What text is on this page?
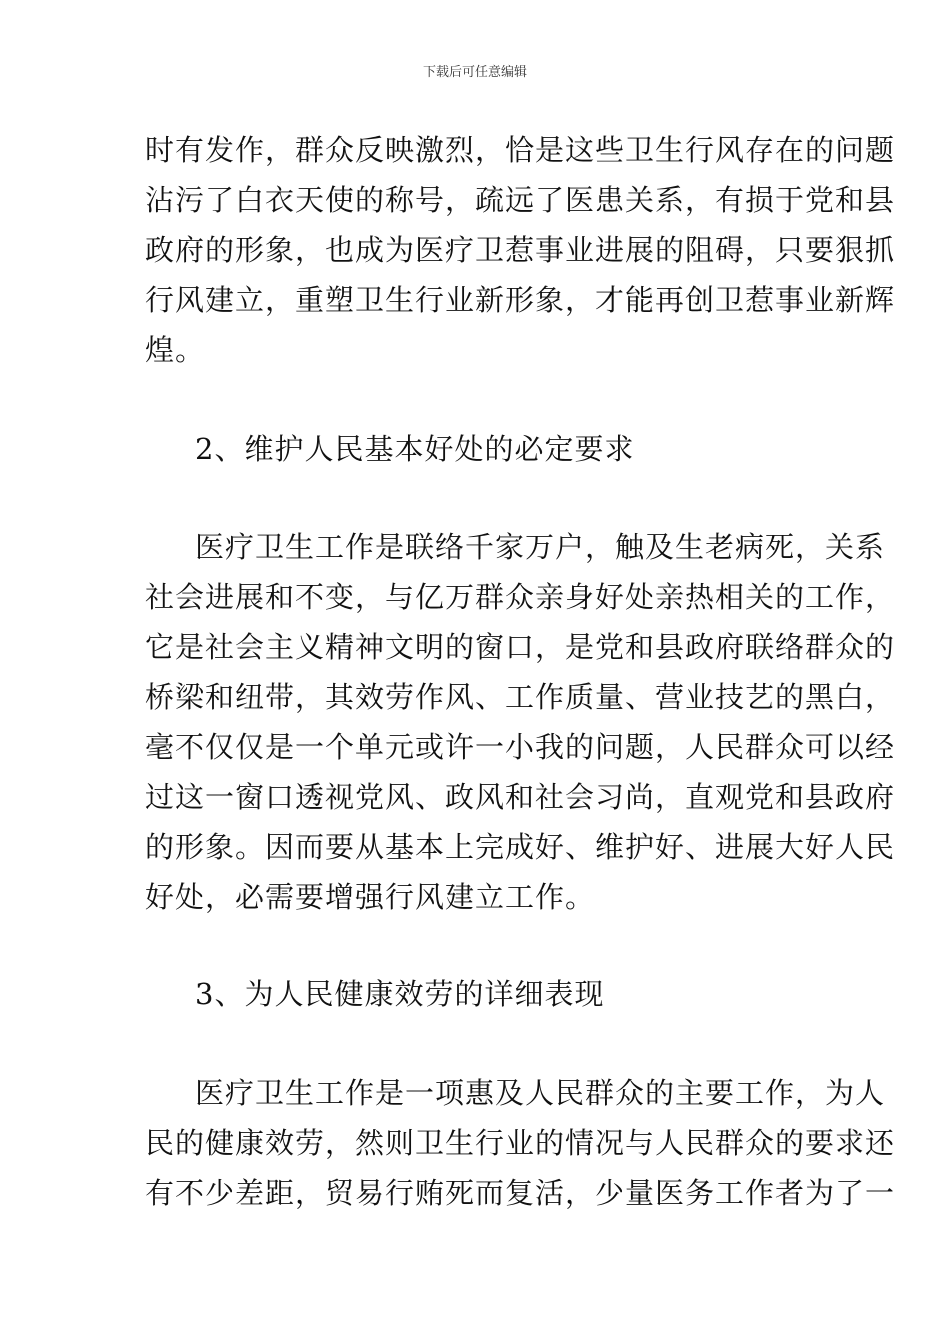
下载后可任意编辑
时有发作，群众反映激烈，恰是这些卫生行风存在的问题
沾污了白衣天使的称号，疏远了医患关系，有损于党和县
政府的形象，也成为医疗卫惹事业进展的阻碍，只要狠抓
行风建立，重塑卫生行业新形象，才能再创卫惹事业新辉
煌。
2、维护人民基本好处的必定要求
医疗卫生工作是联络千家万户，触及生老病死，关系
社会进展和不变，与亿万群众亲身好处亲热相关的工作，
它是社会主义精神文明的窗口，是党和县政府联络群众的
桥梁和纽带，其效劳作风、工作质量、营业技艺的黑白，
毫不仅仅是一个单元或许一小我的问题，人民群众可以经
过这一窗口透视党风、政风和社会习尚，直观党和县政府
的形象。因而要从基本上完成好、维护好、进展大好人民
好处，必需要增强行风建立工作。
3、为人民健康效劳的详细表现
医疗卫生工作是一项惠及人民群众的主要工作，为人
民的健康效劳，然则卫生行业的情况与人民群众的要求还
有不少差距，贸易行贿死而复活，少量医务工作者为了一
